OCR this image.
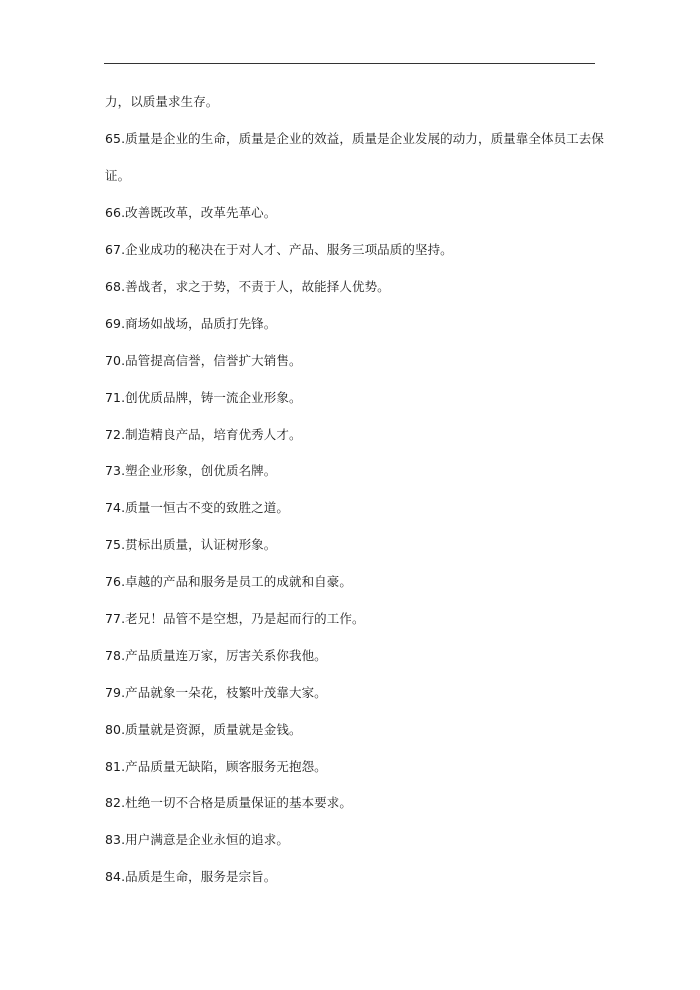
力，以质量求生存。
65.质量是企业的生命，质量是企业的效益，质量是企业发展的动力，质量靠全体员工去保
证。
66.改善既改革，改革先革心。
67.企业成功的秘决在于对人才、产品、服务三项品质的坚持。
68.善战者，求之于势，不责于人，故能择人优势。
69.商场如战场，品质打先锋。
70.品管提高信誉，信誉扩大销售。
71.创优质品牌，铸一流企业形象。
72.制造精良产品，培育优秀人才。
73.塑企业形象，创优质名牌。
74.质量一恒古不变的致胜之道。
75.贯标出质量，认证树形象。
76.卓越的产品和服务是员工的成就和自豪。
77.老兄！品管不是空想，乃是起而行的工作。
78.产品质量连万家，厉害关系你我他。
79.产品就象一朵花，枝繁叶茂靠大家。
80.质量就是资源，质量就是金钱。
81.产品质量无缺陷，顾客服务无抱怨。
82.杜绝一切不合格是质量保证的基本要求。
83.用户满意是企业永恒的追求。
84.品质是生命，服务是宗旨。
